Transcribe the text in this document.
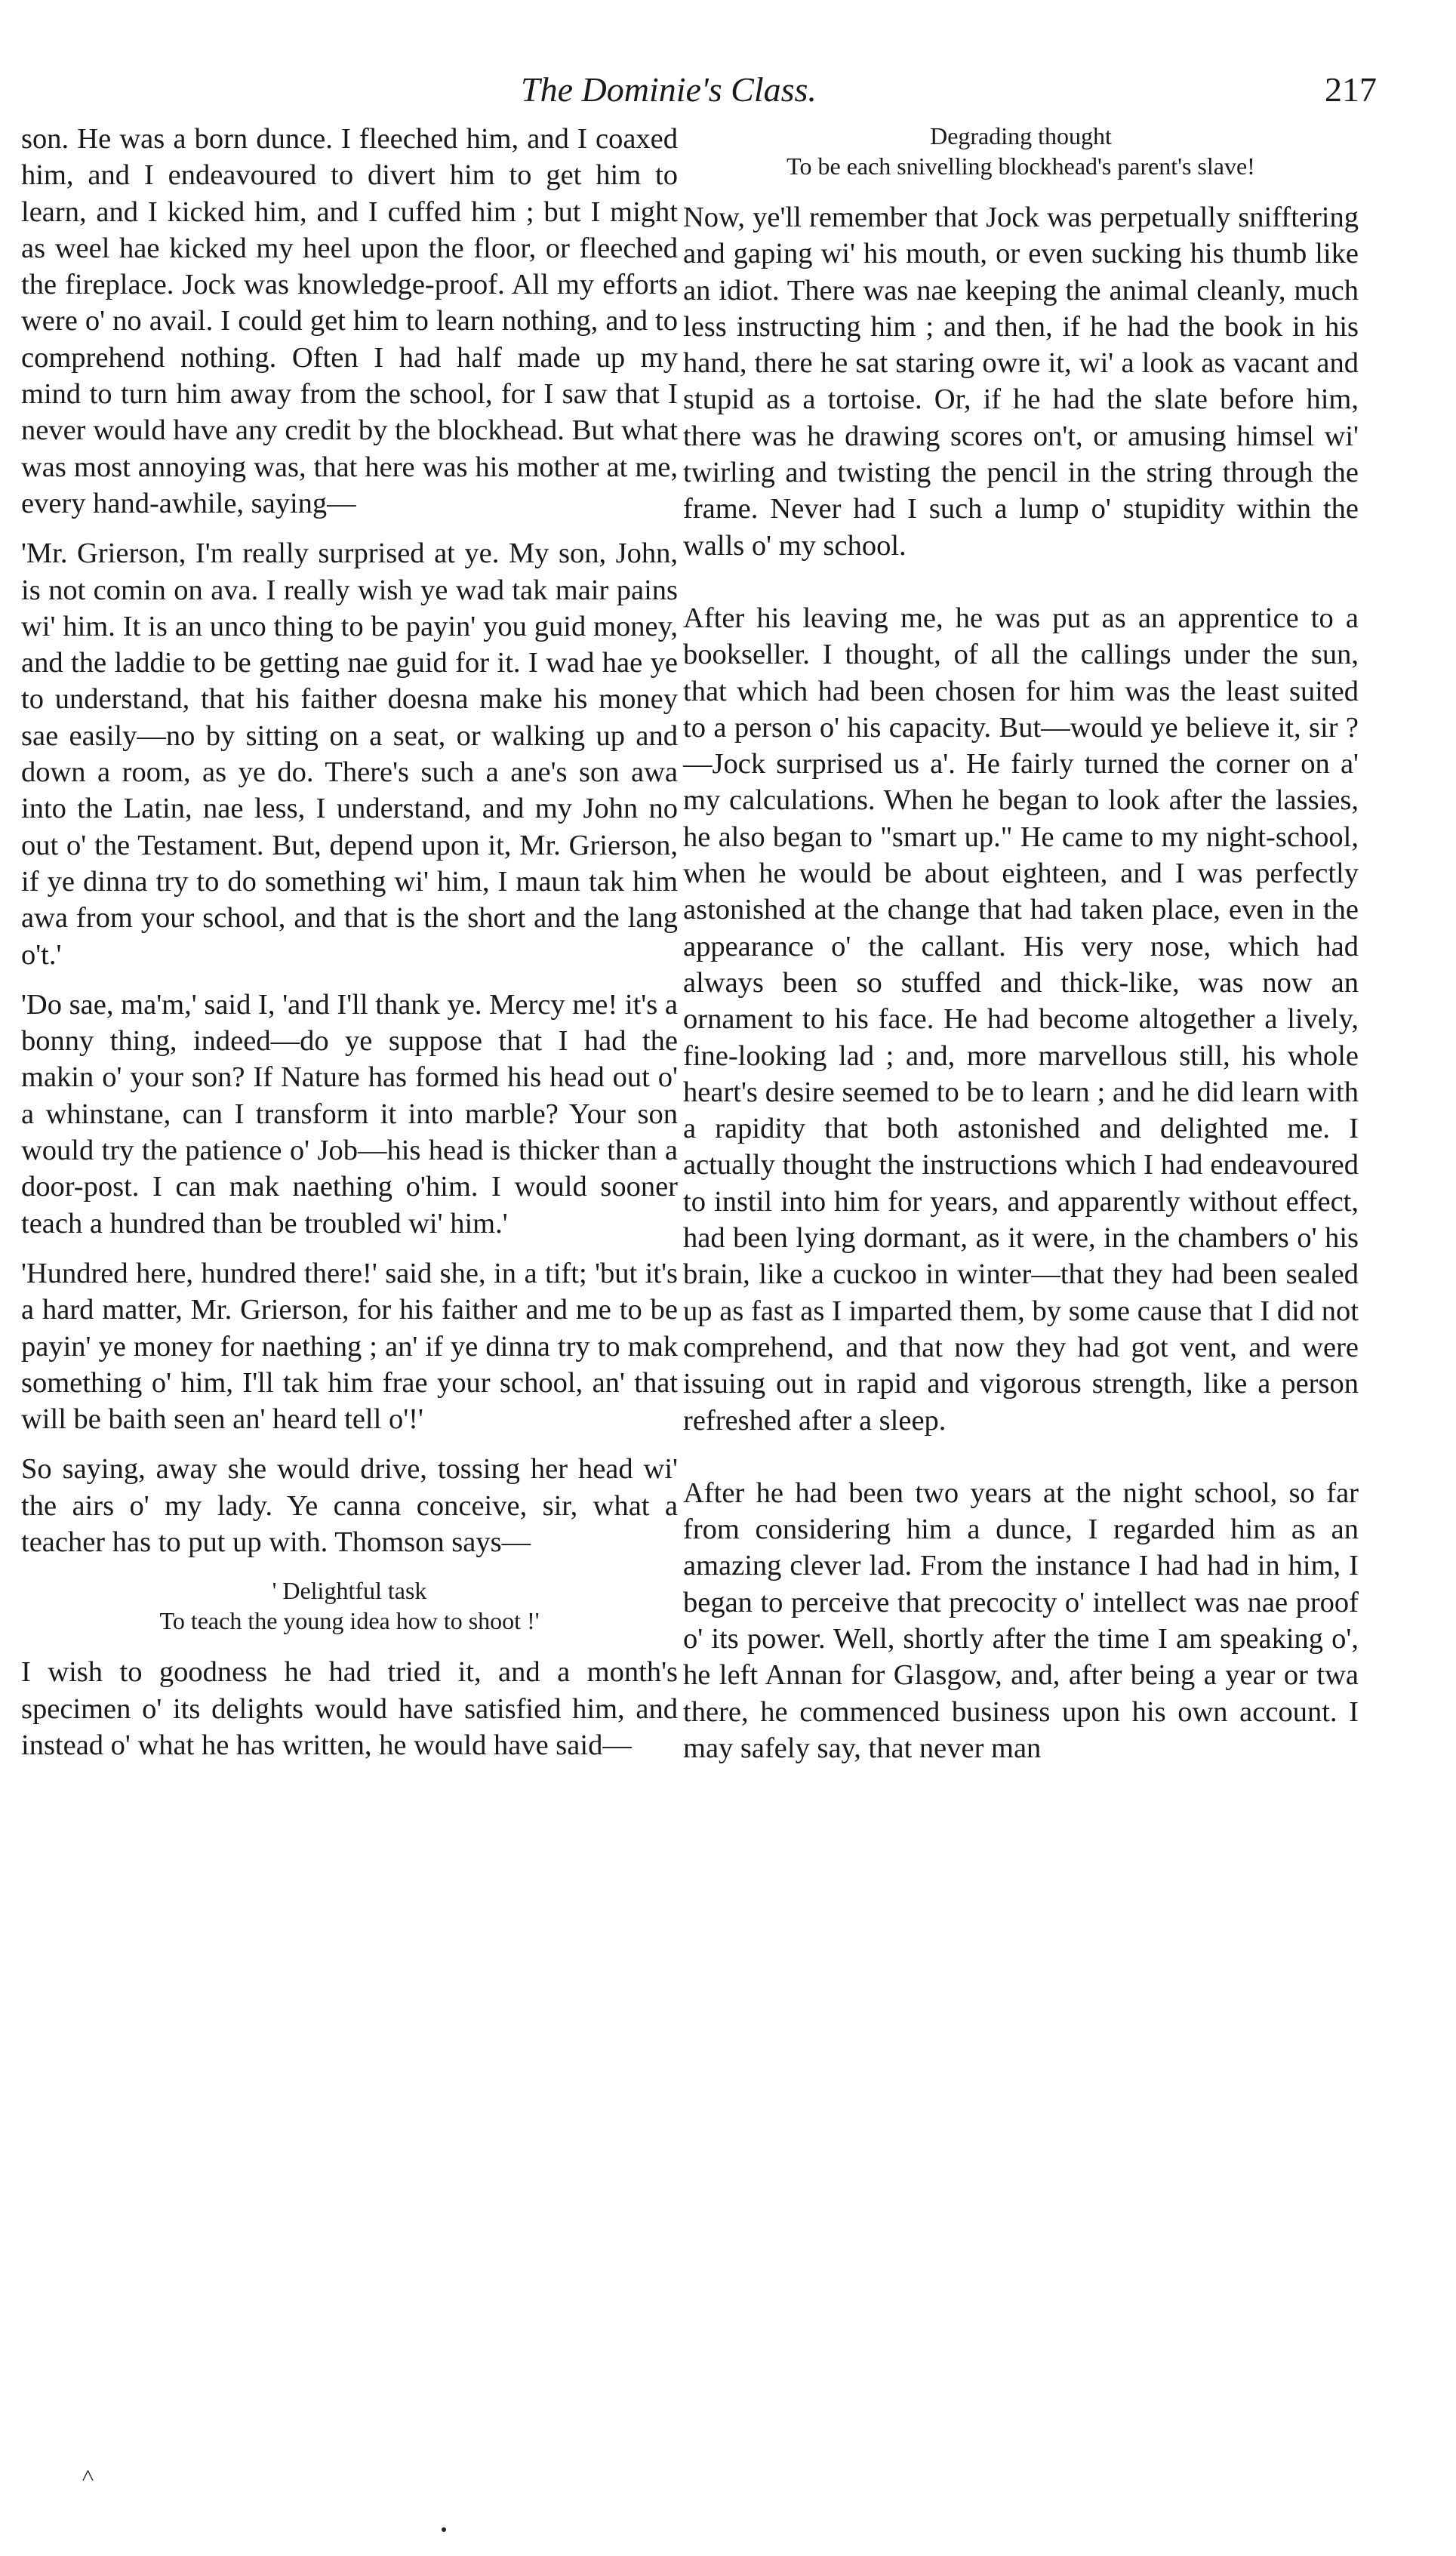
The Dominie's Class.	217

son. He was a born dunce. I fleeched him, and I coaxed him, and I endeavoured to divert him to get him to learn, and I kicked him, and I cuffed him ; but I might as weel hae kicked my heel upon the floor, or fleeched the fireplace. Jock was knowledge-proof. All my efforts were o' no avail. I could get him to learn nothing, and to comprehend nothing. Often I had half made up my mind to turn him away from the school, for I saw that I never would have any credit by the blockhead. But what was most annoying was, that here was his mother at me, every hand-awhile, saying—

'Mr. Grierson, I'm really surprised at ye. My son, John, is not comin on ava. I really wish ye wad tak mair pains wi' him. It is an unco thing to be payin' you guid money, and the laddie to be getting nae guid for it. I wad hae ye to understand, that his faither doesna make his money sae easily—no by sitting on a seat, or walking up and down a room, as ye do. There's such a ane's son awa into the Latin, nae less, I understand, and my John no out o' the Testament. But, depend upon it, Mr. Grierson, if ye dinna try to do something wi' him, I maun tak him awa from your school, and that is the short and the lang o't.'

'Do sae, ma'm,' said I, 'and I'll thank ye. Mercy me! it's a bonny thing, indeed—do ye suppose that I had the makin o' your son? If Nature has formed his head out o' a whinstane, can I transform it into marble? Your son would try the patience o' Job—his head is thicker than a door-post. I can mak naething o'him. I would sooner teach a hundred than be troubled wi' him.'

'Hundred here, hundred there!' said she, in a tift; 'but it's a hard matter, Mr. Grierson, for his faither and me to be payin' ye money for naething ; an' if ye dinna try to mak something o' him, I'll tak him frae your school, an' that will be baith seen an' heard tell o'!'

So saying, away she would drive, tossing her head wi' the airs o' my lady. Ye canna conceive, sir, what a teacher has to put up with. Thomson says—

' Delightful task
To teach the young idea how to shoot !'

I wish to goodness he had tried it, and a month's specimen o' its delights would have satisfied him, and instead o' what he has written, he would have said—

Degrading thought
To be each snivelling blockhead's parent's slave!

Now, ye'll remember that Jock was perpetually snifftering and gaping wi' his mouth, or even sucking his thumb like an idiot. There was nae keeping the animal cleanly, much less instructing him ; and then, if he had the book in his hand, there he sat staring owre it, wi' a look as vacant and stupid as a tortoise. Or, if he had the slate before him, there was he drawing scores on't, or amusing himsel wi' twirling and twisting the pencil in the string through the frame. Never had I such a lump o' stupidity within the walls o' my school.

After his leaving me, he was put as an apprentice to a bookseller. I thought, of all the callings under the sun, that which had been chosen for him was the least suited to a person o' his capacity. But—would ye believe it, sir ?—Jock surprised us a'. He fairly turned the corner on a' my calculations. When he began to look after the lassies, he also began to "smart up." He came to my night-school, when he would be about eighteen, and I was perfectly astonished at the change that had taken place, even in the appearance o' the callant. His very nose, which had always been so stuffed and thick-like, was now an ornament to his face. He had become altogether a lively, fine-looking lad ; and, more marvellous still, his whole heart's desire seemed to be to learn ; and he did learn with a rapidity that both astonished and delighted me. I actually thought the instructions which I had endeavoured to instil into him for years, and apparently without effect, had been lying dormant, as it were, in the chambers o' his brain, like a cuckoo in winter—that they had been sealed up as fast as I imparted them, by some cause that I did not comprehend, and that now they had got vent, and were issuing out in rapid and vigorous strength, like a person refreshed after a sleep.

After he had been two years at the night school, so far from considering him a dunce, I regarded him as an amazing clever lad. From the instance I had had in him, I began to perceive that precocity o' intellect was nae proof o' its power. Well, shortly after the time I am speaking o', he left Annan for Glasgow, and, after being a year or twa there, he commenced business upon his own account. I may safely say, that never man

˄
